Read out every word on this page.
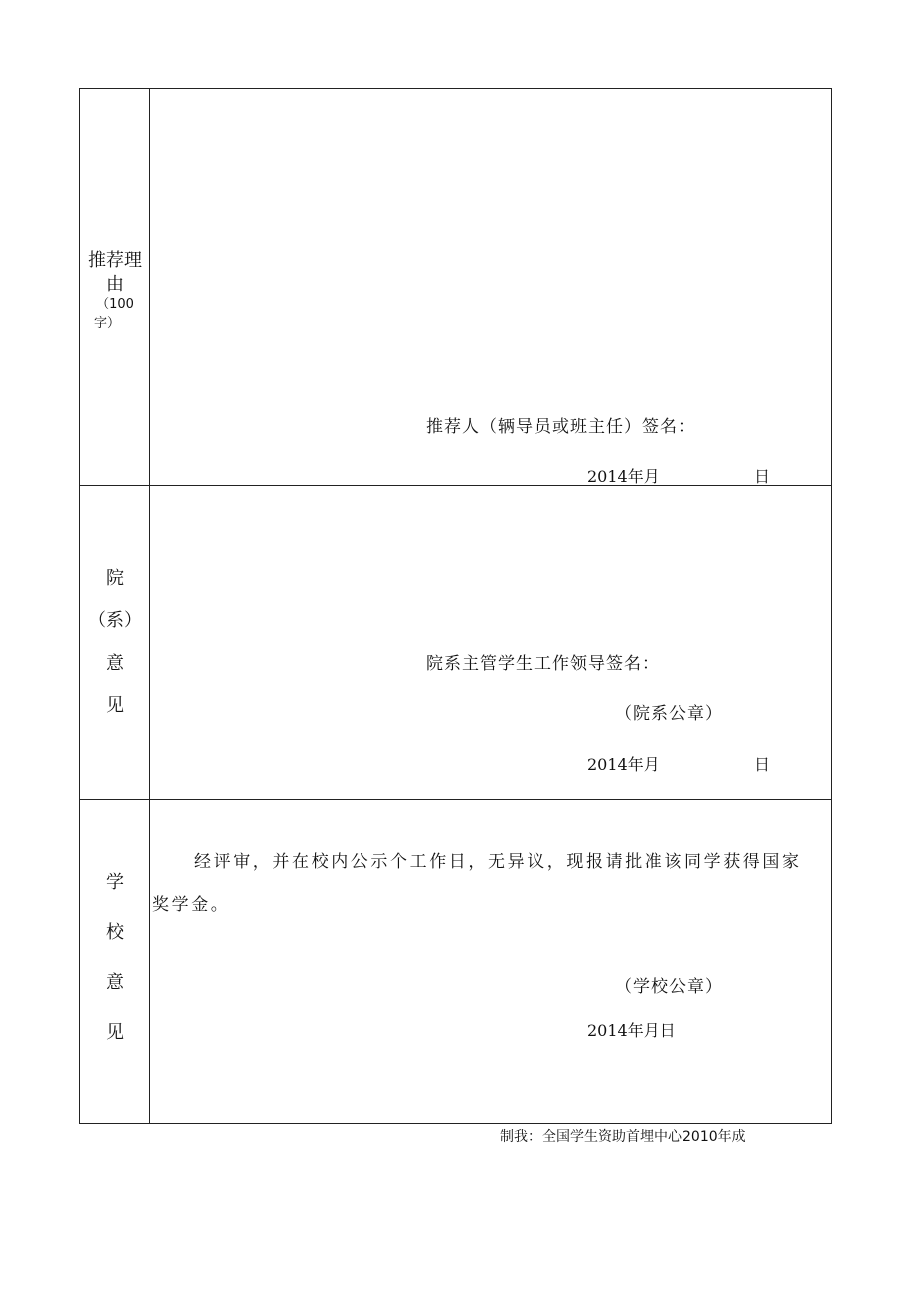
推荐理
由
（100
字）
推荐人（辆导员或班主任）签名：
2014年月	日
院
（系）
意
见
院系主管学生工作领导签名：
（院系公章）
2014年月	日
学
校
意
见
经评审，并在校内公示个工作日，无异议，现报请批准该同学获得国家
奖学金。
（学校公章）
2014年月日
制我：全国学生资助首埋中心2010年成
